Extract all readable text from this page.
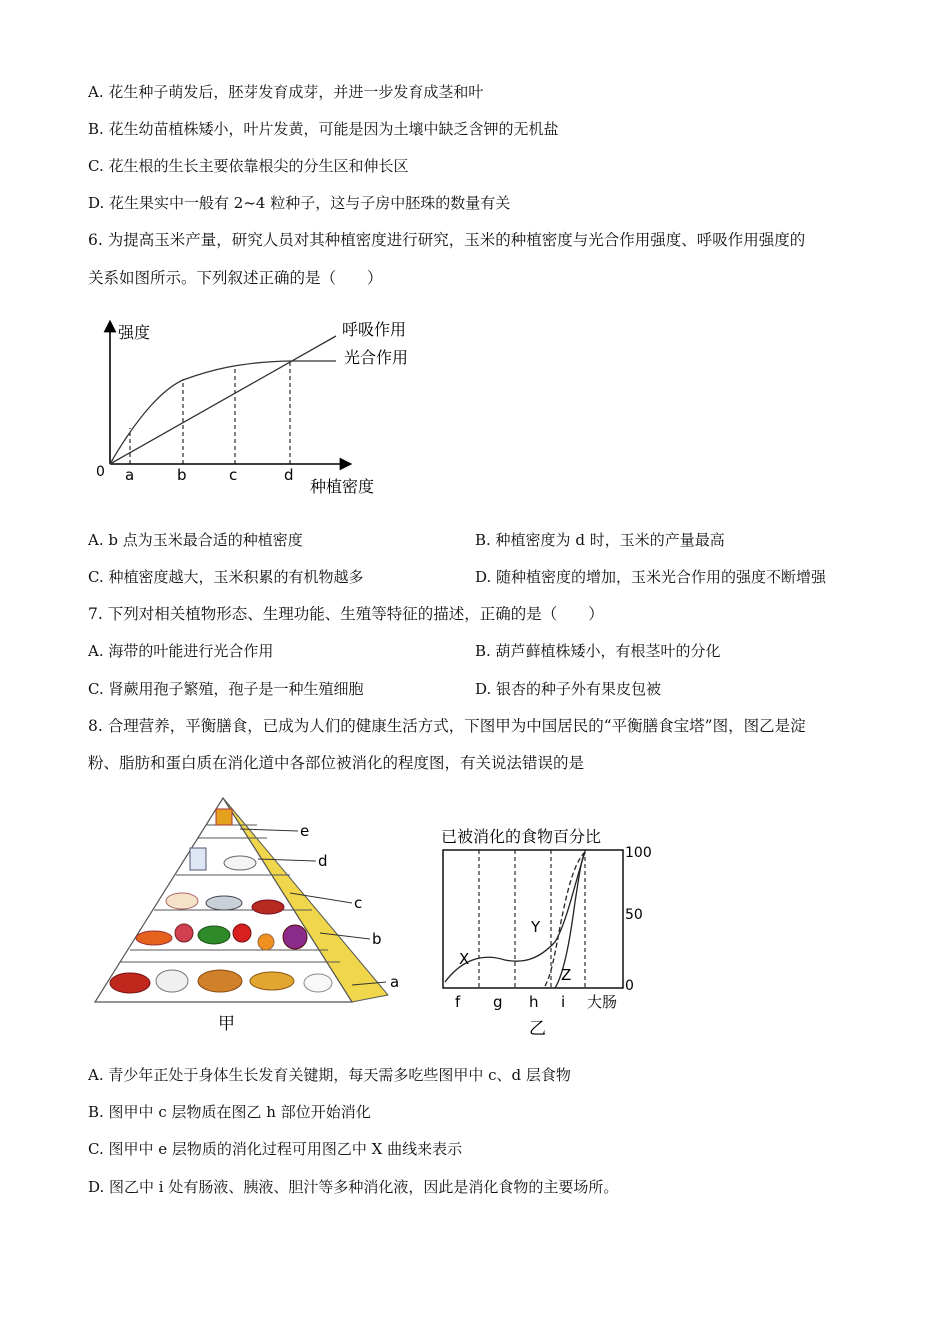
A. 花生种子萌发后，胚芽发育成芽，并进一步发育成茎和叶
B. 花生幼苗植株矮小，叶片发黄，可能是因为土壤中缺乏含钾的无机盐
C. 花生根的生长主要依靠根尖的分生区和伸长区
D. 花生果实中一般有 2~4 粒种子，这与子房中胚珠的数量有关
6. 为提高玉米产量，研究人员对其种植密度进行研究，玉米的种植密度与光合作用强度、呼吸作用强度的
关系如图所示。下列叙述正确的是（　　）
强度
0 a	b	c	d
种植密度
呼吸作用
光合作用
A. b 点为玉米最合适的种植密度	B. 种植密度为 d 时，玉米的产量最高
C. 种植密度越大，玉米积累的有机物越多	D. 随种植密度的增加，玉米光合作用的强度不断增强
7. 下列对相关植物形态、生理功能、生殖等特征的描述，正确的是（　　）
A. 海带的叶能进行光合作用	B. 葫芦藓植株矮小，有根茎叶的分化
C. 肾蕨用孢子繁殖，孢子是一种生殖细胞	D. 银杏的种子外有果皮包被
8. 合理营养，平衡膳食，已成为人们的健康生活方式，下图甲为中国居民的“平衡膳食宝塔”图，图乙是淀
粉、脂肪和蛋白质在消化道中各部位被消化的程度图，有关说法错误的是
e
d
c
b
a
甲
已被消化的食物百分比
X
Y
Z
100
50
0
f g h i 大肠
乙
A. 青少年正处于身体生长发育关键期，每天需多吃些图甲中 c、d 层食物
B. 图甲中 c 层物质在图乙 h 部位开始消化
C. 图甲中 e 层物质的消化过程可用图乙中 X 曲线来表示
D. 图乙中 i 处有肠液、胰液、胆汁等多种消化液，因此是消化食物的主要场所。
